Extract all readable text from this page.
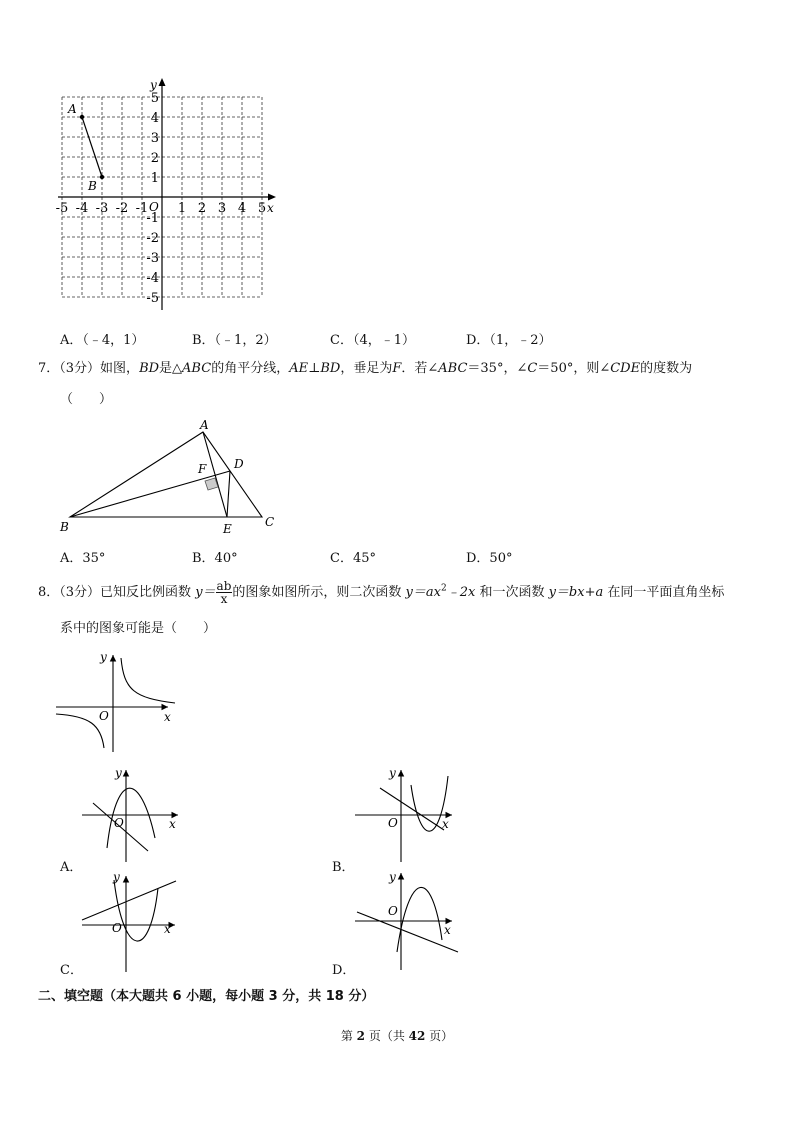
-5 -4 -3 -2 -1 1 2 3 4 5
5
4
3
2
1
-1
-2
-3
-4
-5
x
y
O
A
B
A．（﹣4，1）	B．（﹣1，2）	C．（4，﹣1）	D．（1，﹣2）
7．（3分）如图，BD是△ABC的角平分线，AE⊥BD，垂足为F．若∠ABC＝35°，∠C＝50°，则∠CDE的度数为
（　　）
A
B	C
D
E
F
A．35°	B．40°	C．45°	D．50°
8．（3分）已知反比例函数 $y= \frac{ab}{x}$ 的图象如图所示，则二次函数 $y=ax^2﹣2x$ 和一次函数 y＝bx+a 在同一平面直角坐标
系中的图象可能是（　　）
y
x
O
y
x
O
y
x
O
y
x
O
y
x
O
A．	B．
C．	D．
二、填空题（本大题共 6 小题，每小题 3 分，共 18 分）
第 2 页（共 42 页）
